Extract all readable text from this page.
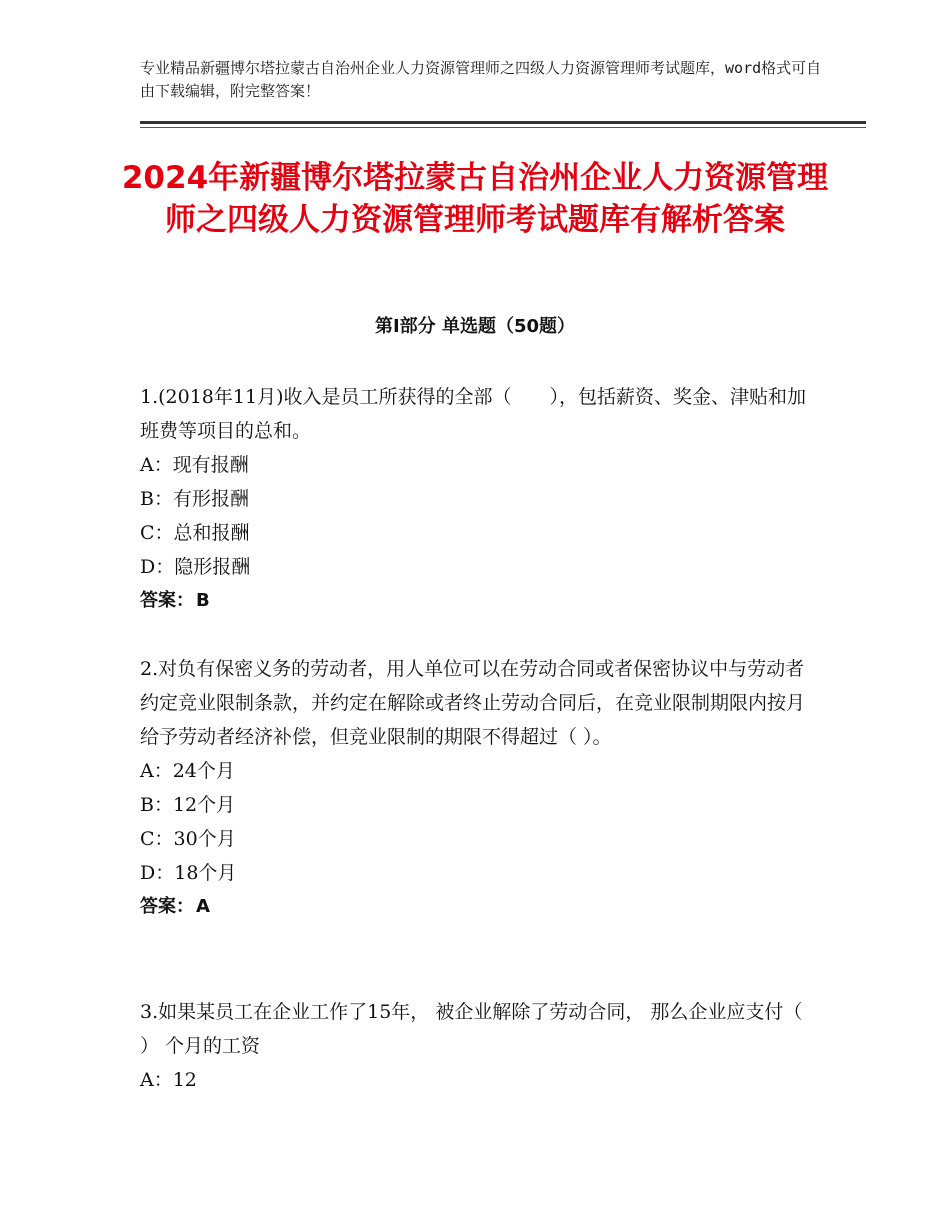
专业精品新疆博尔塔拉蒙古自治州企业人力资源管理师之四级人力资源管理师考试题库，word格式可自由下载编辑，附完整答案！
2024年新疆博尔塔拉蒙古自治州企业人力资源管理师之四级人力资源管理师考试题库有解析答案
第Ⅰ部分 单选题（50题）

1.(2018年11月)收入是员工所获得的全部（　　），包括薪资、奖金、津贴和加班费等项目的总和。

A：现有报酬

B：有形报酬

C：总和报酬

D：隐形报酬

答案： B

2.对负有保密义务的劳动者，用人单位可以在劳动合同或者保密协议中与劳动者约定竞业限制条款，并约定在解除或者终止劳动合同后，在竞业限制期限内按月给予劳动者经济补偿，但竞业限制的期限不得超过（ ）。

A：24个月

B：12个月

C：30个月

D：18个月

答案： A

3.如果某员工在企业工作了15年， 被企业解除了劳动合同， 那么企业应支付（ ） 个月的工资

A：12
